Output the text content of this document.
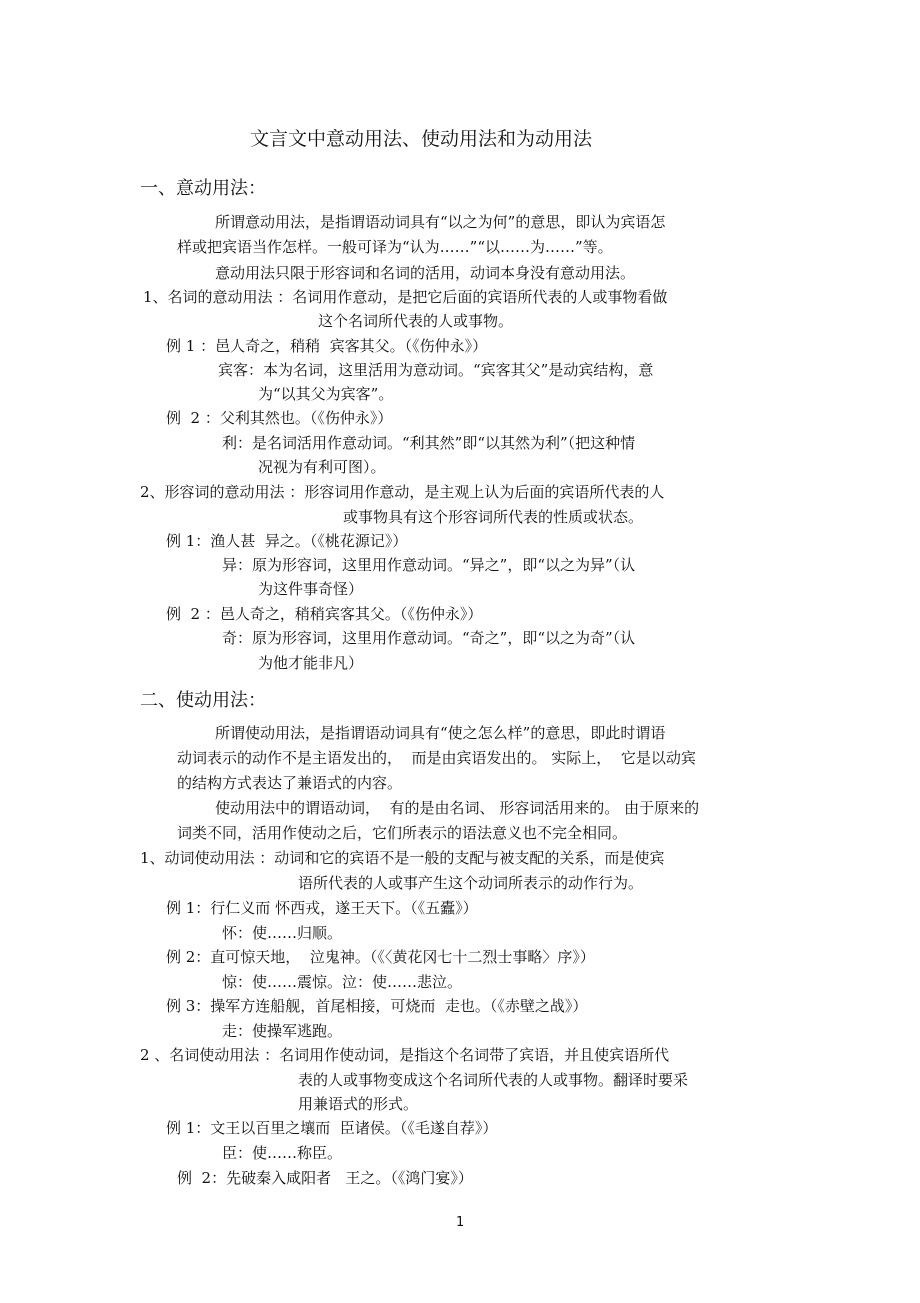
文言文中意动用法、使动用法和为动用法
一、意动用法：
所谓意动用法，是指谓语动词具有“以之为何”的意思，即认为宾语怎
样或把宾语当作怎样。一般可译为“认为……”“以……为……”等。
意动用法只限于形容词和名词的活用，动词本身没有意动用法。
1、名词的意动用法 ：名词用作意动，是把它后面的宾语所代表的人或事物看做
这个名词所代表的人或事物。
例 1 ：邑人奇之，稍稍  宾客其父。（《伤仲永》）
宾客：本为名词，这里活用为意动词。“宾客其父”是动宾结构，意
为“以其父为宾客”。
例  2 ：父利其然也。（《伤仲永》）
利：是名词活用作意动词。“利其然”即“以其然为利”（把这种情
况视为有利可图）。
2、形容词的意动用法 ：形容词用作意动，是主观上认为后面的宾语所代表的人
或事物具有这个形容词所代表的性质或状态。
例 1：渔人甚  异之。（《桃花源记》）
异：原为形容词，这里用作意动词。“异之”，即“以之为异”（认
为这件事奇怪）
例  2 ：邑人奇之，稍稍宾客其父。（《伤仲永》）
奇：原为形容词，这里用作意动词。“奇之”，即“以之为奇”（认
为他才能非凡）
二、使动用法：
所谓使动用法，是指谓语动词具有“使之怎么样”的意思，即此时谓语
动词表示的动作不是主语发出的，  而是由宾语发出的。 实际上，  它是以动宾
的结构方式表达了兼语式的内容。
使动用法中的谓语动词，  有的是由名词、 形容词活用来的。 由于原来的
词类不同，活用作使动之后，它们所表示的语法意义也不完全相同。
1、动词使动用法 ：动词和它的宾语不是一般的支配与被支配的关系，而是使宾
语所代表的人或事产生这个动词所表示的动作行为。
例 1：行仁义而 怀西戎，遂王天下。（《五蠹》）
怀：使……归顺。
例 2：直可惊天地，  泣鬼神。（《〈黄花冈七十二烈士事略〉序》）
惊：使……震惊。泣：使……悲泣。
例 3：操军方连船舰，首尾相接，可烧而  走也。（《赤壁之战》）
走：使操军逃跑。
2 、名词使动用法 ：名词用作使动词，是指这个名词带了宾语，并且使宾语所代
表的人或事物变成这个名词所代表的人或事物。翻译时要采
用兼语式的形式。
例 1：文王以百里之壤而  臣诸侯。（《毛遂自荐》）
臣：使……称臣。
例  2：先破秦入咸阳者   王之。（《鸿门宴》）
1
